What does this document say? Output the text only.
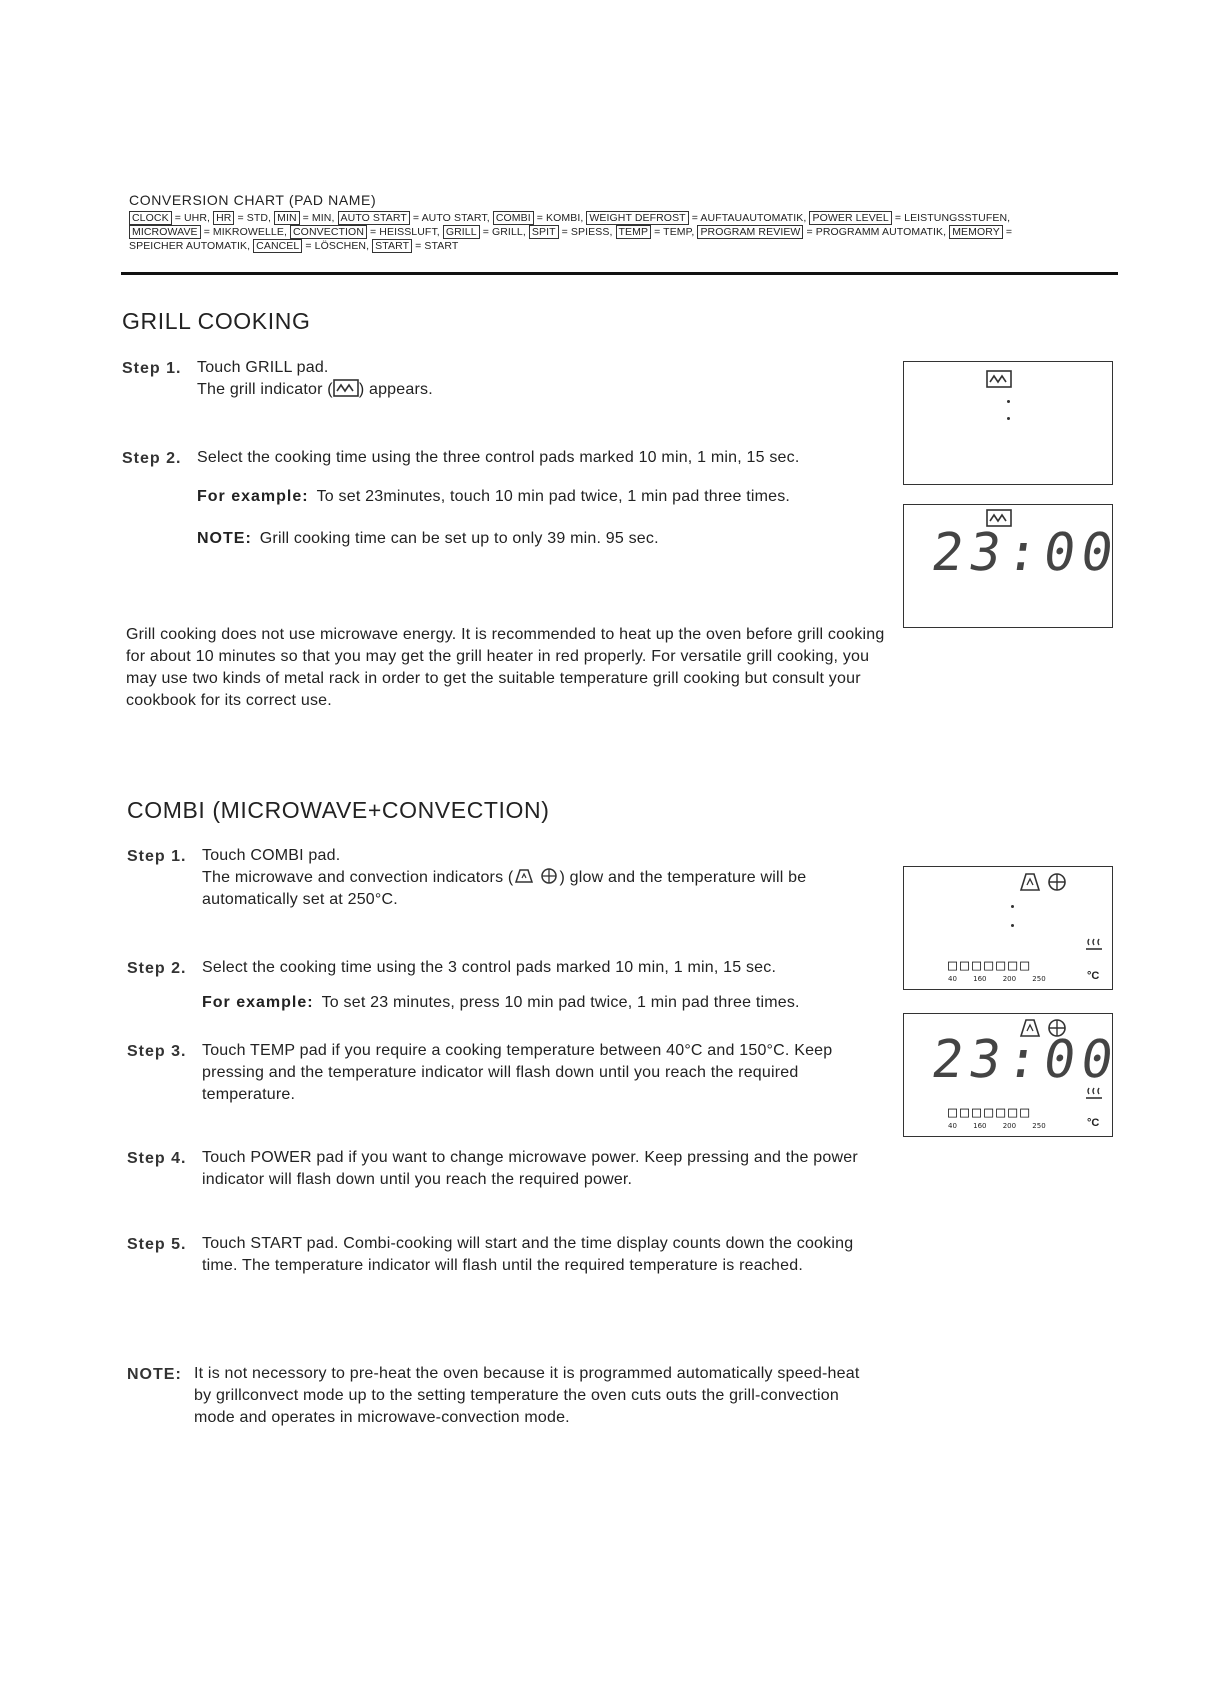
CONVERSION CHART (PAD NAME)
CLOCK = UHR, HR = STD, MIN = MIN, AUTO START = AUTO START, COMBI = KOMBI, WEIGHT DEFROST = AUFTAUAUTOMATIK, POWER LEVEL = LEISTUNGSSTUFEN, MICROWAVE = MIKROWELLE, CONVECTION = HEISSLUFT, GRILL = GRILL, SPIT = SPIESS, TEMP = TEMP, PROGRAM REVIEW = PROGRAMM AUTOMATIK, MEMORY = SPEICHER AUTOMATIK, CANCEL = LÖSCHEN, START = START
GRILL COOKING
Step 1. Touch GRILL pad.
The grill indicator ( ) appears.
Step 2. Select the cooking time using the three control pads marked 10 min, 1 min, 15 sec.
For example: To set 23minutes, touch 10 min pad twice, 1 min pad three times.
NOTE: Grill cooking time can be set up to only 39 min. 95 sec.
Grill cooking does not use microwave energy. It is recommended to heat up the oven before grill cooking for about 10 minutes so that you may get the grill heater in red properly. For versatile grill cooking, you may use two kinds of metal rack in order to get the suitable temperature grill cooking but consult your cookbook for its correct use.
23:00
COMBI (MICROWAVE+CONVECTION)
Step 1. Touch COMBI pad.
The microwave and convection indicators (	) glow and the temperature will be automatically set at 250°C.
Step 2. Select the cooking time using the 3 control pads marked 10 min, 1 min, 15 sec.
For example: To set 23 minutes, press 10 min pad twice, 1 min pad three times.
Step 3. Touch TEMP pad if you require a cooking temperature between 40°C and 150°C. Keep pressing and the temperature indicator will flash down until you reach the required temperature.
Step 4. Touch POWER pad if you want to change microwave power. Keep pressing and the power indicator will flash down until you reach the required power.
Step 5. Touch START pad. Combi-cooking will start and the time display counts down the cooking time. The temperature indicator will flash until the required temperature is reached.
NOTE: It is not necessory to pre-heat the oven because it is programmed automatically speed-heat by grillconvect mode up to the setting temperature the oven cuts outs the grill-convection mode and operates in microwave-convection mode.
□□□□□□□
40 160 200 250	°C
23:00
□□□□□□□
40 160 200 250	°C
